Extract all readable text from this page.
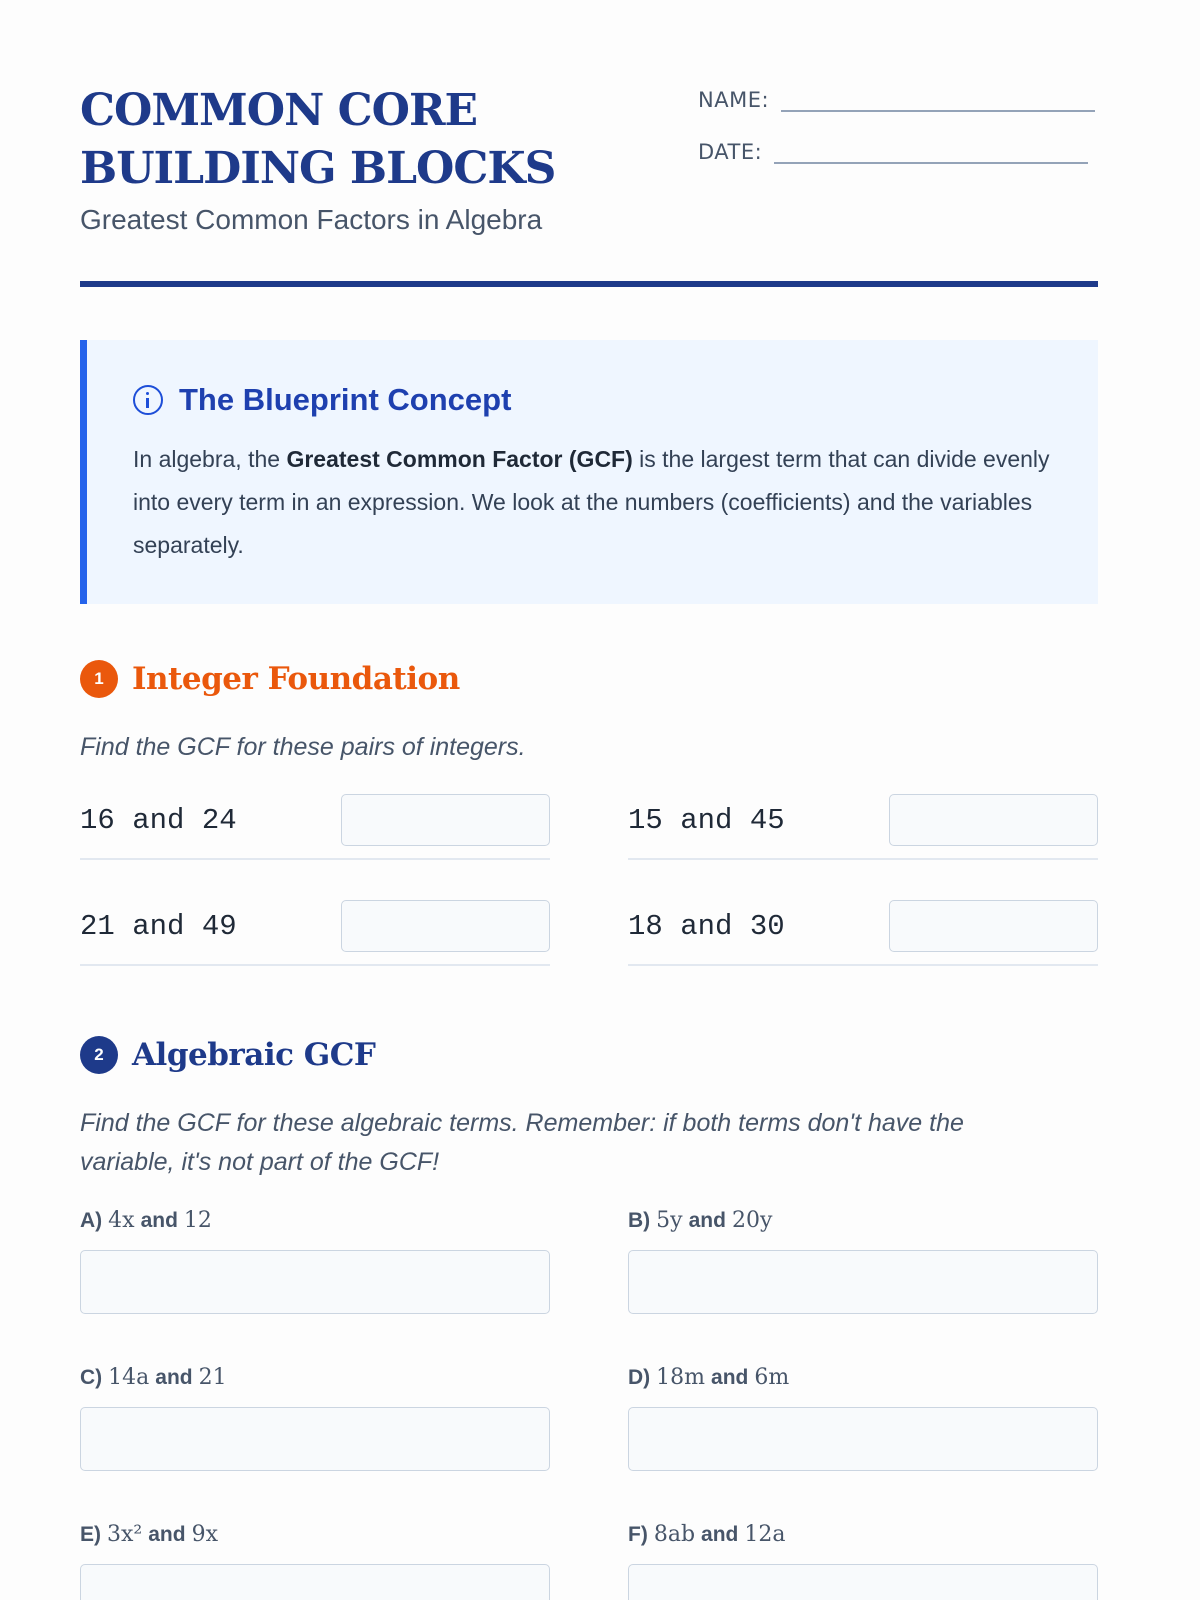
COMMON CORE BUILDING BLOCKS
Greatest Common Factors in Algebra
NAME:
DATE:
The Blueprint Concept

In algebra, the Greatest Common Factor (GCF) is the largest term that can divide evenly into every term in an expression. We look at the numbers (coefficients) and the variables separately.

1 Integer Foundation
Find the GCF for these pairs of integers.
16 and 24	15 and 45
21 and 49	18 and 30
2 Algebraic GCF
Find the GCF for these algebraic terms. Remember: if both terms don't have the variable, it's not part of the GCF!
A) 4x and 12	B) 5y and 20y
C) 14a and 21	D) 18m and 6m
E) 3x² and 9x	F) 8ab and 12a
